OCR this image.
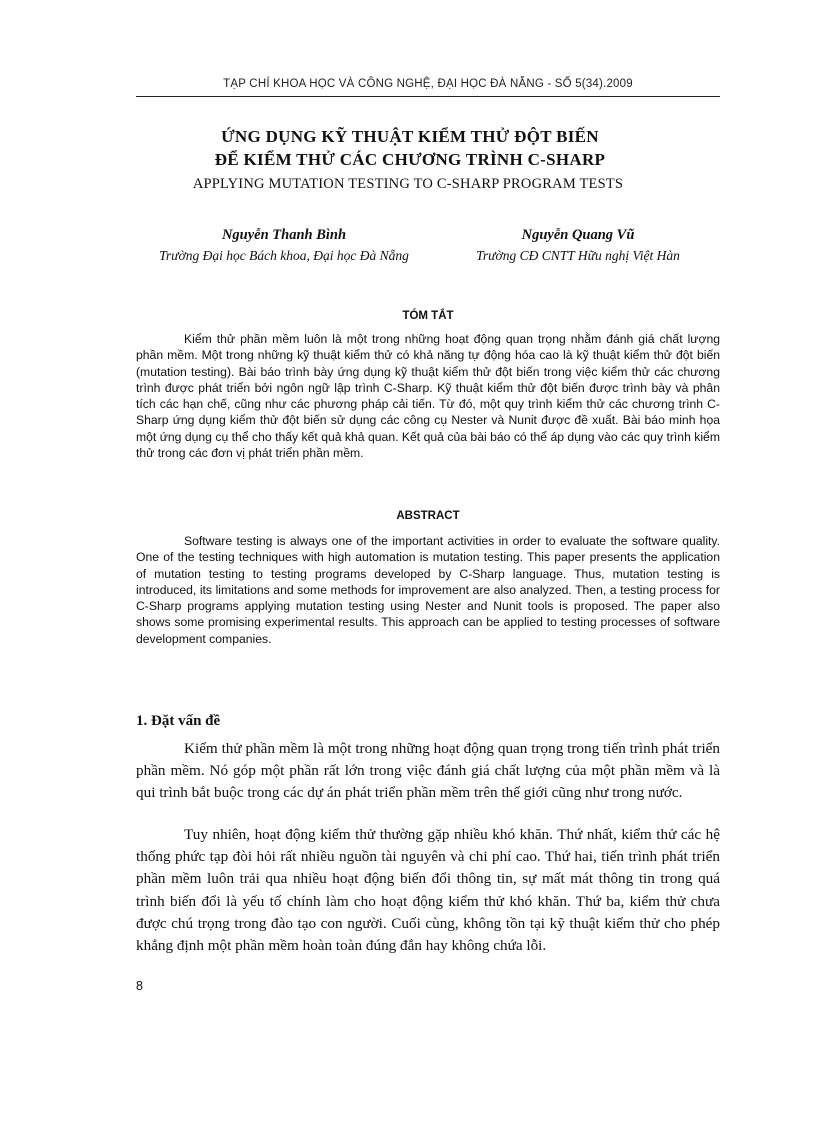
TẠP CHÍ KHOA HỌC VÀ CÔNG NGHỆ, ĐẠI HỌC ĐÀ NẴNG - SỐ 5(34).2009
ỨNG DỤNG KỸ THUẬT KIỂM THỬ ĐỘT BIẾN
ĐỂ KIỂM THỬ CÁC CHƯƠNG TRÌNH C-SHARP
APPLYING MUTATION TESTING TO C-SHARP PROGRAM TESTS
Nguyễn Thanh Bình
Trường Đại học Bách khoa, Đại học Đà Nẵng
Nguyễn Quang Vũ
Trường CĐ CNTT Hữu nghị Việt Hàn
TÓM TẮT

Kiểm thử phần mềm luôn là một trong những hoạt động quan trọng nhằm đánh giá chất lượng phần mềm. Một trong những kỹ thuật kiểm thử có khả năng tự động hóa cao là kỹ thuật kiểm thử đột biến (mutation testing). Bài báo trình bày ứng dụng kỹ thuật kiểm thử đột biến trong việc kiểm thử các chương trình được phát triển bởi ngôn ngữ lập trình C-Sharp. Kỹ thuật kiểm thử đột biến được trình bày và phân tích các hạn chế, cũng như các phương pháp cải tiến. Từ đó, một quy trình kiểm thử các chương trình C-Sharp ứng dụng kiểm thử đột biến sử dụng các công cụ Nester và Nunit được đề xuất. Bài báo minh họa một ứng dụng cụ thể cho thấy kết quả khả quan. Kết quả của bài báo có thể áp dụng vào các quy trình kiểm thử trong các đơn vị phát triển phần mềm.

ABSTRACT

Software testing is always one of the important activities in order to evaluate the software quality. One of the testing techniques with high automation is mutation testing. This paper presents the application of mutation testing to testing programs developed by C-Sharp language. Thus, mutation testing is introduced, its limitations and some methods for improvement are also analyzed. Then, a testing process for C-Sharp programs applying mutation testing using Nester and Nunit tools is proposed. The paper also shows some promising experimental results. This approach can be applied to testing processes of software development companies.

1. Đặt vấn đề

Kiểm thử phần mềm là một trong những hoạt động quan trọng trong tiến trình phát triển phần mềm. Nó góp một phần rất lớn trong việc đánh giá chất lượng của một phần mềm và là qui trình bắt buộc trong các dự án phát triển phần mềm trên thế giới cũng như trong nước.

Tuy nhiên, hoạt động kiểm thử thường gặp nhiều khó khăn. Thứ nhất, kiểm thử các hệ thống phức tạp đòi hỏi rất nhiều nguồn tài nguyên và chi phí cao. Thứ hai, tiến trình phát triển phần mềm luôn trải qua nhiều hoạt động biến đổi thông tin, sự mất mát thông tin trong quá trình biến đổi là yếu tố chính làm cho hoạt động kiểm thử khó khăn. Thứ ba, kiểm thử chưa được chú trọng trong đào tạo con người. Cuối cùng, không tồn tại kỹ thuật kiểm thử cho phép khẳng định một phần mềm hoàn toàn đúng đắn hay không chứa lỗi.

8
